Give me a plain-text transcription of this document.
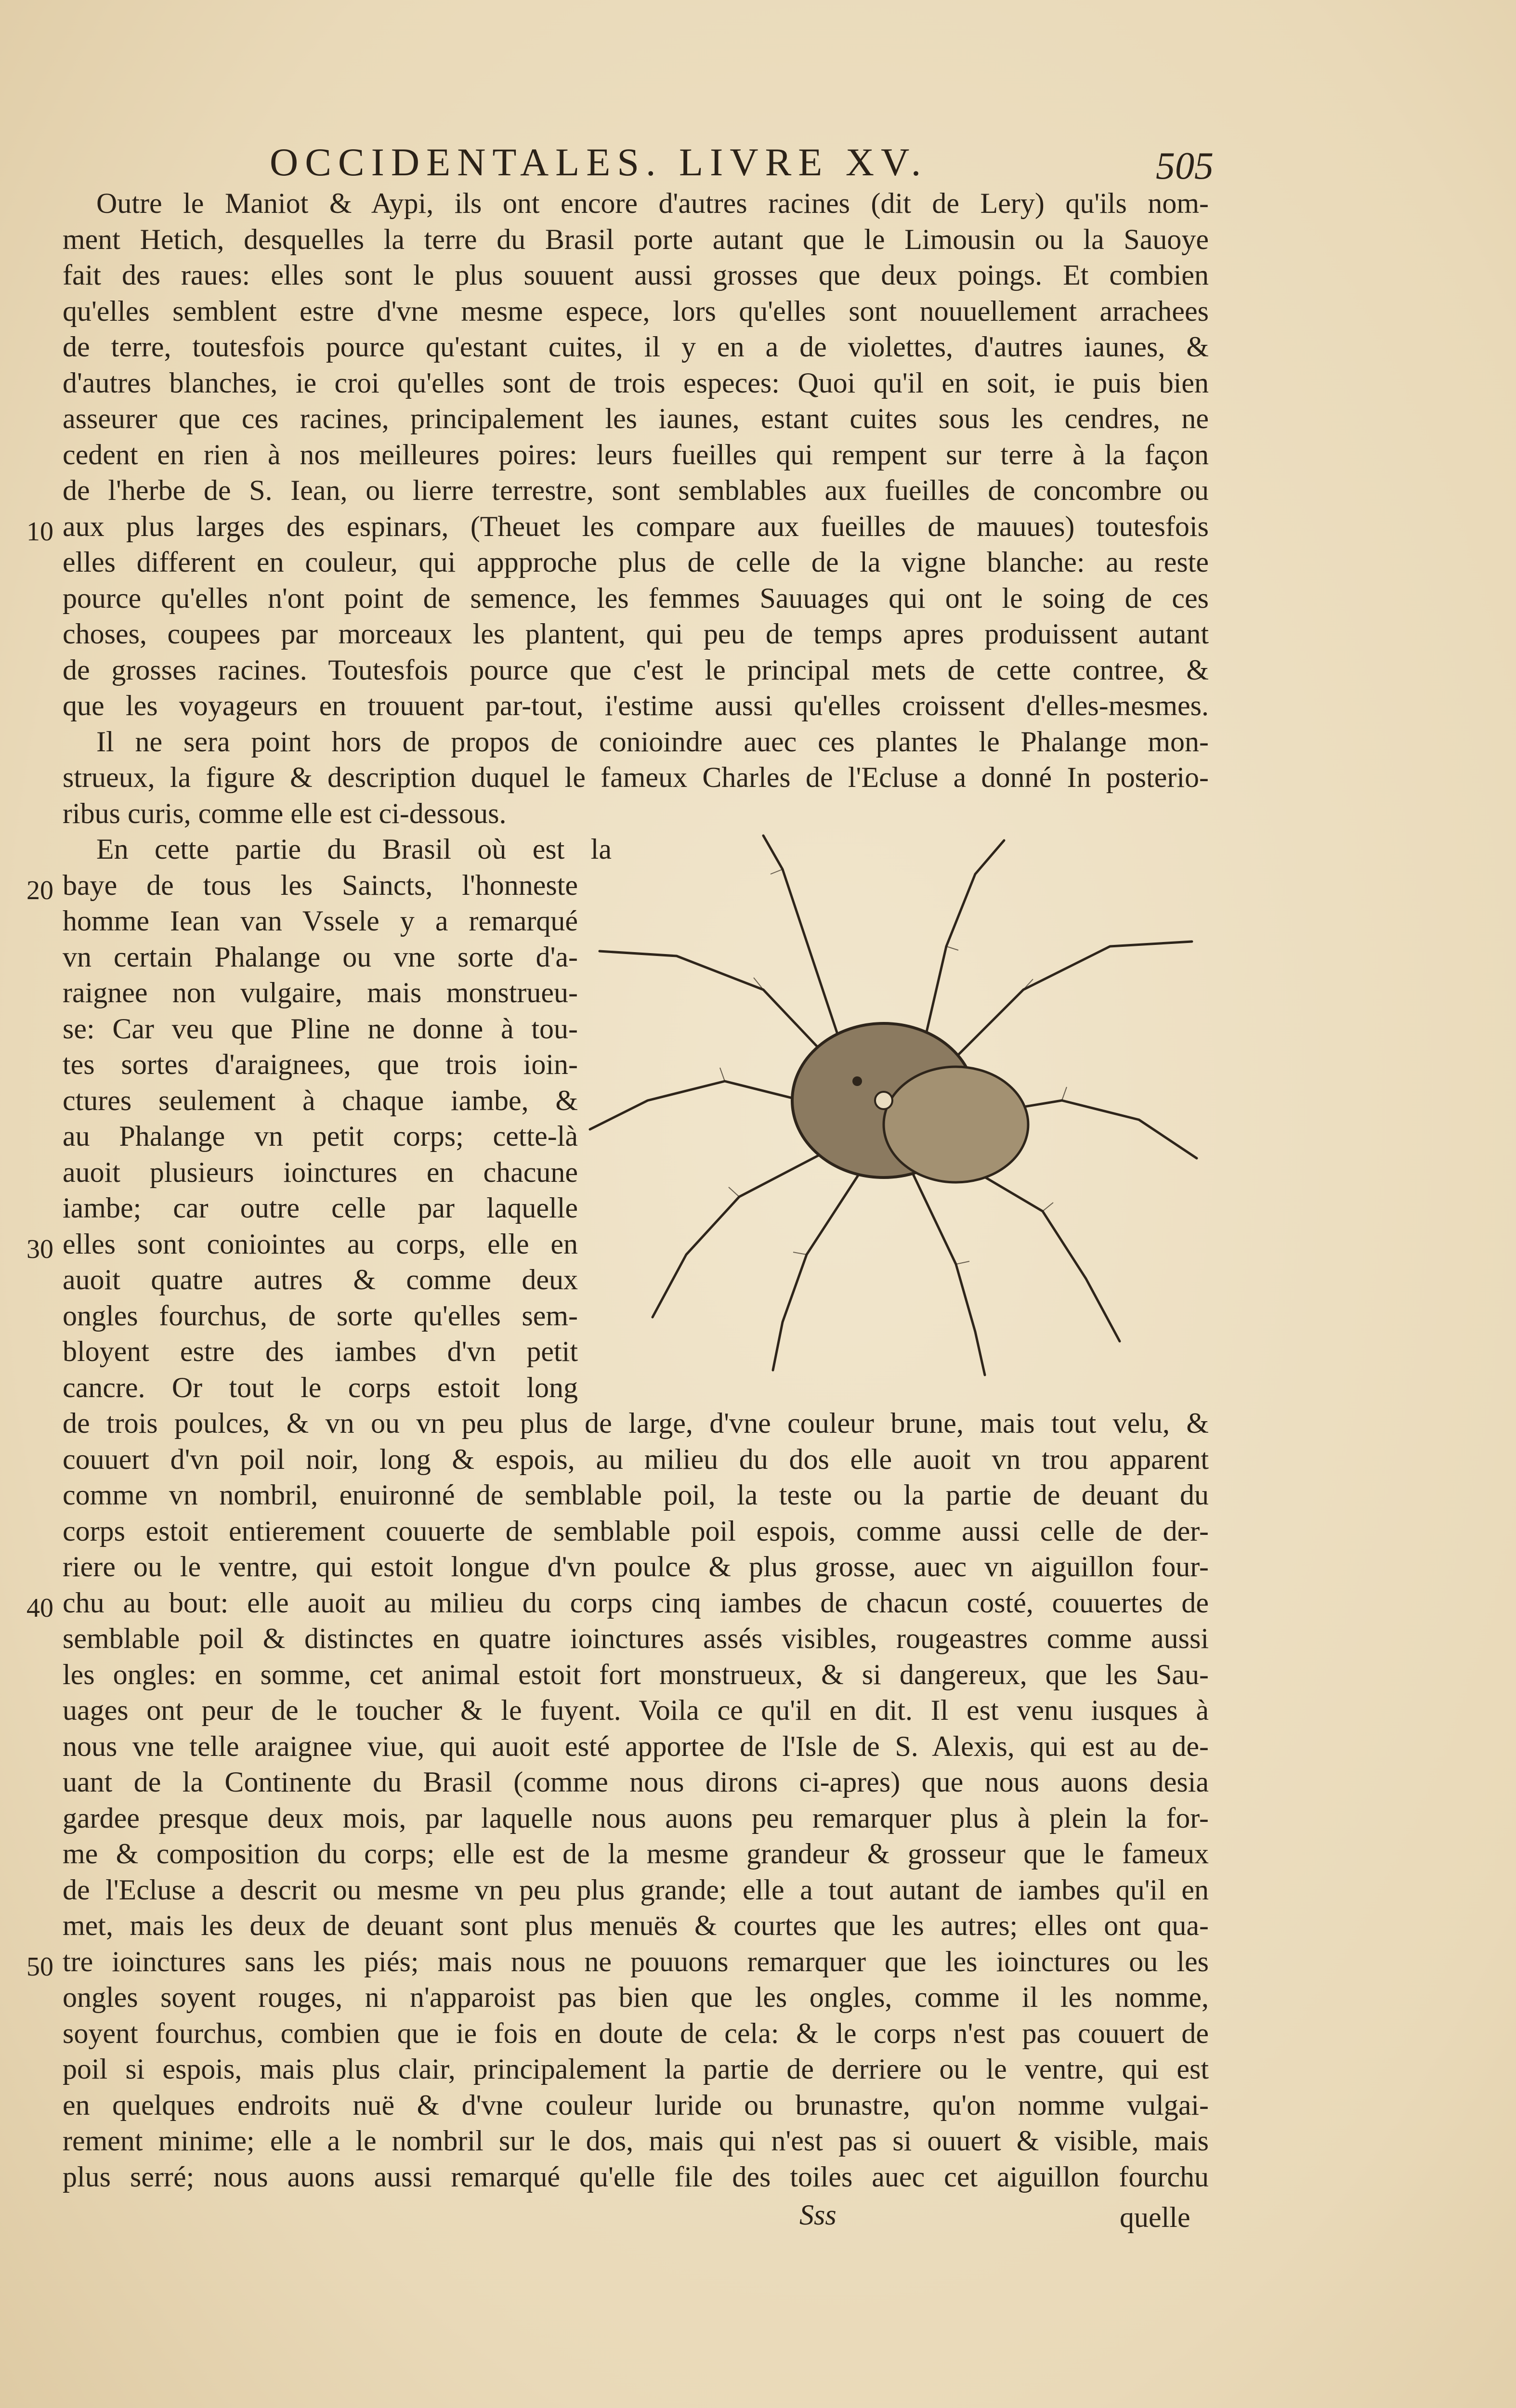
OCCIDENTALES. LIVRE XV.	505
Outre le Maniot & Aypi, ils ont encore d'autres racines (dit de Lery) qu'ils nom-
ment Hetich, desquelles la terre du Brasil porte autant que le Limousin ou la Sauoye
fait des raues: elles sont le plus souuent aussi grosses que deux poings. Et combien
qu'elles semblent estre d'vne mesme espece, lors qu'elles sont nouuellement arrachees
de terre, toutesfois pource qu'estant cuites, il y en a de violettes, d'autres iaunes, &
d'autres blanches, ie croi qu'elles sont de trois especes: Quoi qu'il en soit, ie puis bien
asseurer que ces racines, principalement les iaunes, estant cuites sous les cendres, ne
cedent en rien à nos meilleures poires: leurs fueilles qui rempent sur terre à la façon
de l'herbe de S. Iean, ou lierre terrestre, sont semblables aux fueilles de concombre ou
aux plus larges des espinars, (Theuet les compare aux fueilles de mauues) toutesfois
elles different en couleur, qui appproche plus de celle de la vigne blanche: au reste
pource qu'elles n'ont point de semence, les femmes Sauuages qui ont le soing de ces
choses, coupees par morceaux les plantent, qui peu de temps apres produissent autant
de grosses racines. Toutesfois pource que c'est le principal mets de cette contree, &
que les voyageurs en trouuent par-tout, i'estime aussi qu'elles croissent d'elles-mesmes.
Il ne sera point hors de propos de conioindre auec ces plantes le Phalange mon-
strueux, la figure & description duquel le fameux Charles de l'Ecluse a donné In posterio-
ribus curis, comme elle est ci-dessous.
En cette partie du Brasil où est la
baye de tous les Saincts, l'honneste
homme Iean van Vssele y a remarqué
vn certain Phalange ou vne sorte d'a-
raignee non vulgaire, mais monstrueu-
se: Car veu que Pline ne donne à tou-
tes sortes d'araignees, que trois ioin-
ctures seulement à chaque iambe, &
au Phalange vn petit corps; cette-là
auoit plusieurs ioinctures en chacune
iambe; car outre celle par laquelle
elles sont coniointes au corps, elle en
auoit quatre autres & comme deux
ongles fourchus, de sorte qu'elles sem-
bloyent estre des iambes d'vn petit
cancre. Or tout le corps estoit long
de trois poulces, & vn ou vn peu plus de large, d'vne couleur brune, mais tout velu, &
couuert d'vn poil noir, long & espois, au milieu du dos elle auoit vn trou apparent
comme vn nombril, enuironné de semblable poil, la teste ou la partie de deuant du
corps estoit entierement couuerte de semblable poil espois, comme aussi celle de der-
riere ou le ventre, qui estoit longue d'vn poulce & plus grosse, auec vn aiguillon four-
chu au bout: elle auoit au milieu du corps cinq iambes de chacun costé, couuertes de
semblable poil & distinctes en quatre ioinctures assés visibles, rougeastres comme aussi
les ongles: en somme, cet animal estoit fort monstrueux, & si dangereux, que les Sau-
uages ont peur de le toucher & le fuyent. Voila ce qu'il en dit. Il est venu iusques à
nous vne telle araignee viue, qui auoit esté apportee de l'Isle de S. Alexis, qui est au de-
uant de la Continente du Brasil (comme nous dirons ci-apres) que nous auons desia
gardee presque deux mois, par laquelle nous auons peu remarquer plus à plein la for-
me & composition du corps; elle est de la mesme grandeur & grosseur que le fameux
de l'Ecluse a descrit ou mesme vn peu plus grande; elle a tout autant de iambes qu'il en
met, mais les deux de deuant sont plus menuës & courtes que les autres; elles ont qua-
tre ioinctures sans les piés; mais nous ne pouuons remarquer que les ioinctures ou les
ongles soyent rouges, ni n'apparoist pas bien que les ongles, comme il les nomme,
soyent fourchus, combien que ie fois en doute de cela: & le corps n'est pas couuert de
poil si espois, mais plus clair, principalement la partie de derriere ou le ventre, qui est
en quelques endroits nuë & d'vne couleur luride ou brunastre, qu'on nomme vulgai-
rement minime; elle a le nombril sur le dos, mais qui n'est pas si ouuert & visible, mais
plus serré; nous auons aussi remarqué qu'elle file des toiles auec cet aiguillon fourchu
10
20
30
40
50
Sss	quelle
